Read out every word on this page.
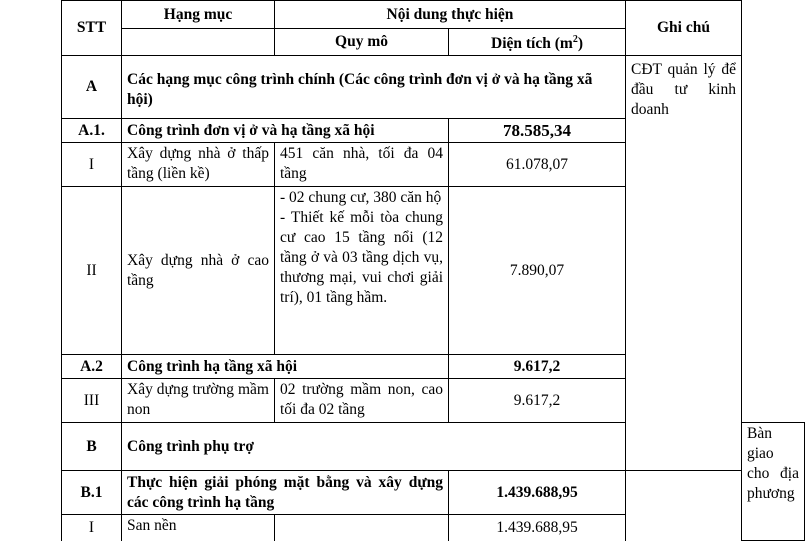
STT	Hạng mục	Nội dung thực hiện		Ghi chú	
		Quy mô	Diện tích $(m^2)$		
A	Các hạng mục công trình chính (Các công trình đơn vị ở và hạ tầng xã hội)			CĐT quản lý để đầu tư kinh doanh	
A.1.	Công trình đơn vị ở và hạ tầng xã hội		78.585,34		
I	Xây dựng nhà ở thấp tầng (liền kề)	451 căn nhà, tối đa 04 tầng	61.078,07		
II	Xây dựng nhà ở cao tầng	- 02 chung cư, 380 căn hộ
- Thiết kế mỗi tòa chung cư cao 15 tầng nổi (12 tầng ở và 03 tầng dịch vụ, thương mại, vui chơi giải trí), 01 tầng hầm.	7.890,07		
A.2	Công trình hạ tầng xã hội		9.617,2		
III	Xây dựng trường mầm non	02 trường mầm non, cao tối đa 02 tầng	9.617,2		
B	Công trình phụ trợ				Bàn giao cho địa phương
B.1	Thực hiện giải phóng mặt bằng và xây dựng các công trình hạ tầng		1.439.688,95		
I	San nền		1.439.688,95		
